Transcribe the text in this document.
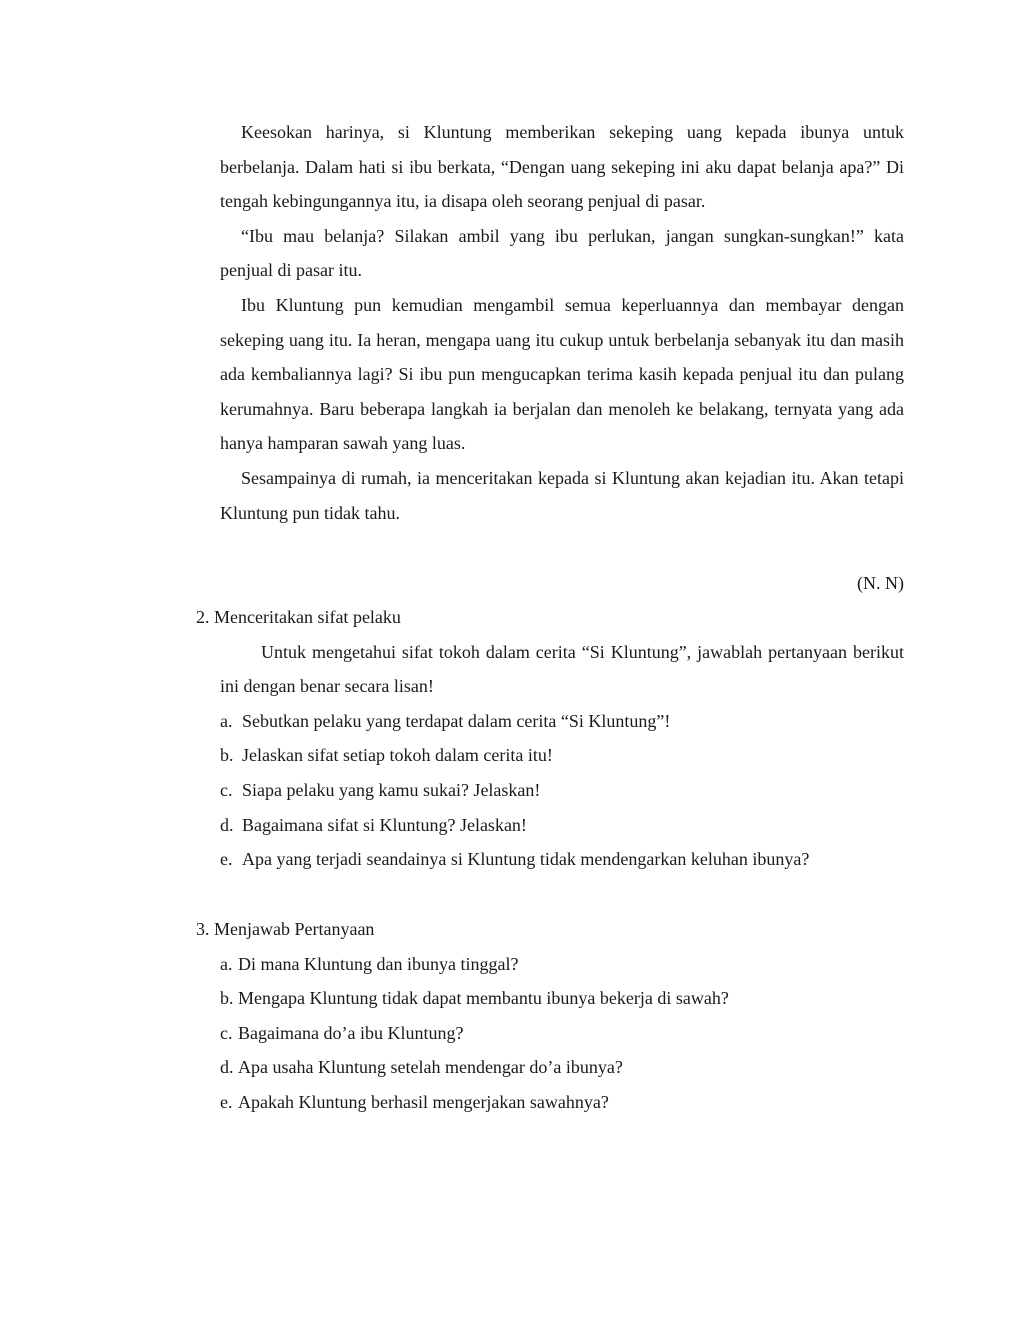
Keesokan harinya, si Kluntung memberikan sekeping uang kepada ibunya untuk berbelanja. Dalam hati si ibu berkata, “Dengan uang sekeping ini aku dapat belanja apa?” Di tengah kebingungannya itu, ia disapa oleh seorang penjual di pasar.

“Ibu mau belanja? Silakan ambil yang ibu perlukan, jangan sungkan-sungkan!” kata penjual di pasar itu.

Ibu Kluntung pun kemudian mengambil semua keperluannya dan membayar dengan sekeping uang itu. Ia heran, mengapa uang itu cukup untuk berbelanja sebanyak itu dan masih ada kembaliannya lagi? Si ibu pun mengucapkan terima kasih kepada penjual itu dan pulang kerumahnya. Baru beberapa langkah ia berjalan dan menoleh ke belakang, ternyata yang ada hanya hamparan sawah yang luas.

Sesampainya di rumah, ia menceritakan kepada si Kluntung akan kejadian itu. Akan tetapi Kluntung pun tidak tahu.

(N. N)

2. Menceritakan sifat pelaku

Untuk mengetahui sifat tokoh dalam cerita “Si Kluntung”, jawablah pertanyaan berikut ini dengan benar secara lisan!

a. Sebutkan pelaku yang terdapat dalam cerita “Si Kluntung”!
b. Jelaskan sifat setiap tokoh dalam cerita itu!
c. Siapa pelaku yang kamu sukai? Jelaskan!
d. Bagaimana sifat si Kluntung? Jelaskan!
e. Apa yang terjadi seandainya si Kluntung tidak mendengarkan keluhan ibunya?

3. Menjawab Pertanyaan

a. Di mana Kluntung dan ibunya tinggal?
b. Mengapa Kluntung tidak dapat membantu ibunya bekerja di sawah?
c. Bagaimana do’a ibu Kluntung?
d. Apa usaha Kluntung setelah mendengar do’a ibunya?
e. Apakah Kluntung berhasil mengerjakan sawahnya?
